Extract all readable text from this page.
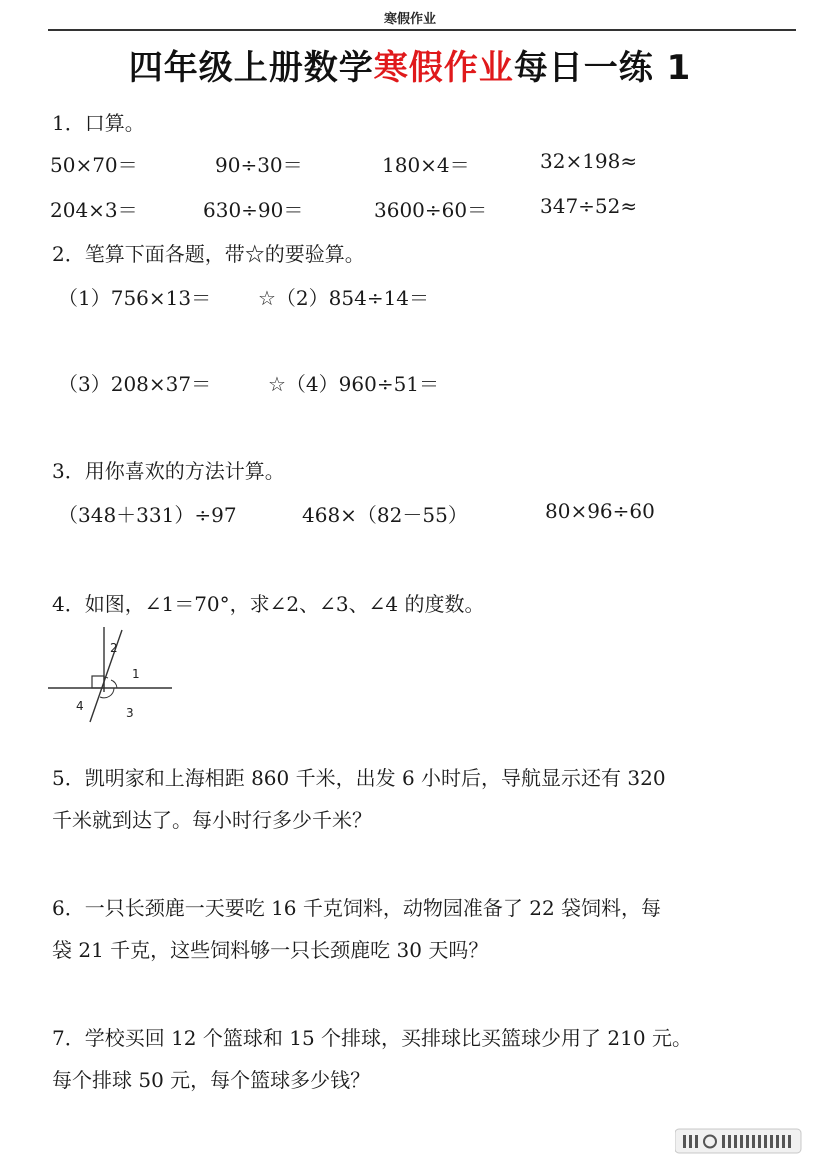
寒假作业
四年级上册数学寒假作业每日一练 1
1．口算。
50×70＝	90÷30＝	180×4＝	32×198≈
204×3＝	630÷90＝	3600÷60＝	347÷52≈
2．笔算下面各题，带☆的要验算。
（1）756×13＝ ☆（2）854÷14＝
（3）208×37＝	☆（4）960÷51＝
3．用你喜欢的方法计算。
（348＋331）÷97	468×（82－55）	80×96÷60
4．如图，∠1＝70°，求∠2、∠3、∠4 的度数。
1
2
3
4
5．凯明家和上海相距 860 千米，出发 6 小时后，导航显示还有 320
千米就到达了。每小时行多少千米？
6．一只长颈鹿一天要吃 16 千克饲料，动物园准备了 22 袋饲料，每
袋 21 千克，这些饲料够一只长颈鹿吃 30 天吗？
7．学校买回 12 个篮球和 15 个排球，买排球比买篮球少用了 210 元。
每个排球 50 元，每个篮球多少钱？
